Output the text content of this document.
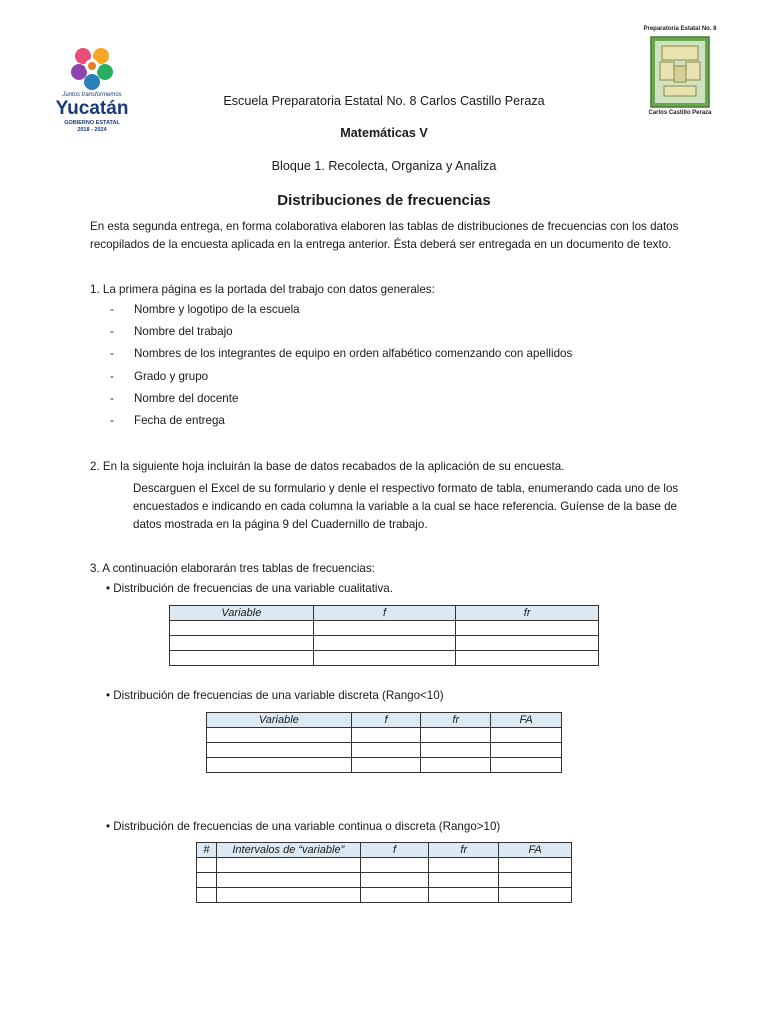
Juntos transformemos
Yucatán
GOBIERNO ESTATAL
2018 - 2024
Preparatoria Estatal No. 8
Carlos Castillo Peraza
Escuela Preparatoria Estatal No. 8 Carlos Castillo Peraza
Matemáticas V
Bloque 1. Recolecta, Organiza y Analiza
Distribuciones de frecuencias
En esta segunda entrega, en forma colaborativa elaboren las tablas de distribuciones de frecuencias con los datos
recopilados de la encuesta aplicada en la entrega anterior. Ésta deberá ser entregada en un documento de texto.
1. La primera página es la portada del trabajo con datos generales:
- Nombre y logotipo de la escuela
- Nombre del trabajo
- Nombres de los integrantes de equipo en orden alfabético comenzando con apellidos
- Grado y grupo
- Nombre del docente
- Fecha de entrega
2. En la siguiente hoja incluirán la base de datos recabados de la aplicación de su encuesta.
Descarguen el Excel de su formulario y denle el respectivo formato de tabla, enumerando cada uno de los
encuestados e indicando en cada columna la variable a la cual se hace referencia. Guíense de la base de
datos mostrada en la página 9 del Cuadernillo de trabajo.
3. A continuación elaborarán tres tablas de frecuencias:
• Distribución de frecuencias de una variable cualitativa.
Variable	f	fr

• Distribución de frecuencias de una variable discreta (Rango<10)
Variable	f	fr	FA

• Distribución de frecuencias de una variable continua o discreta (Rango>10)
#	Intervalos de “variable”	f	fr	FA
